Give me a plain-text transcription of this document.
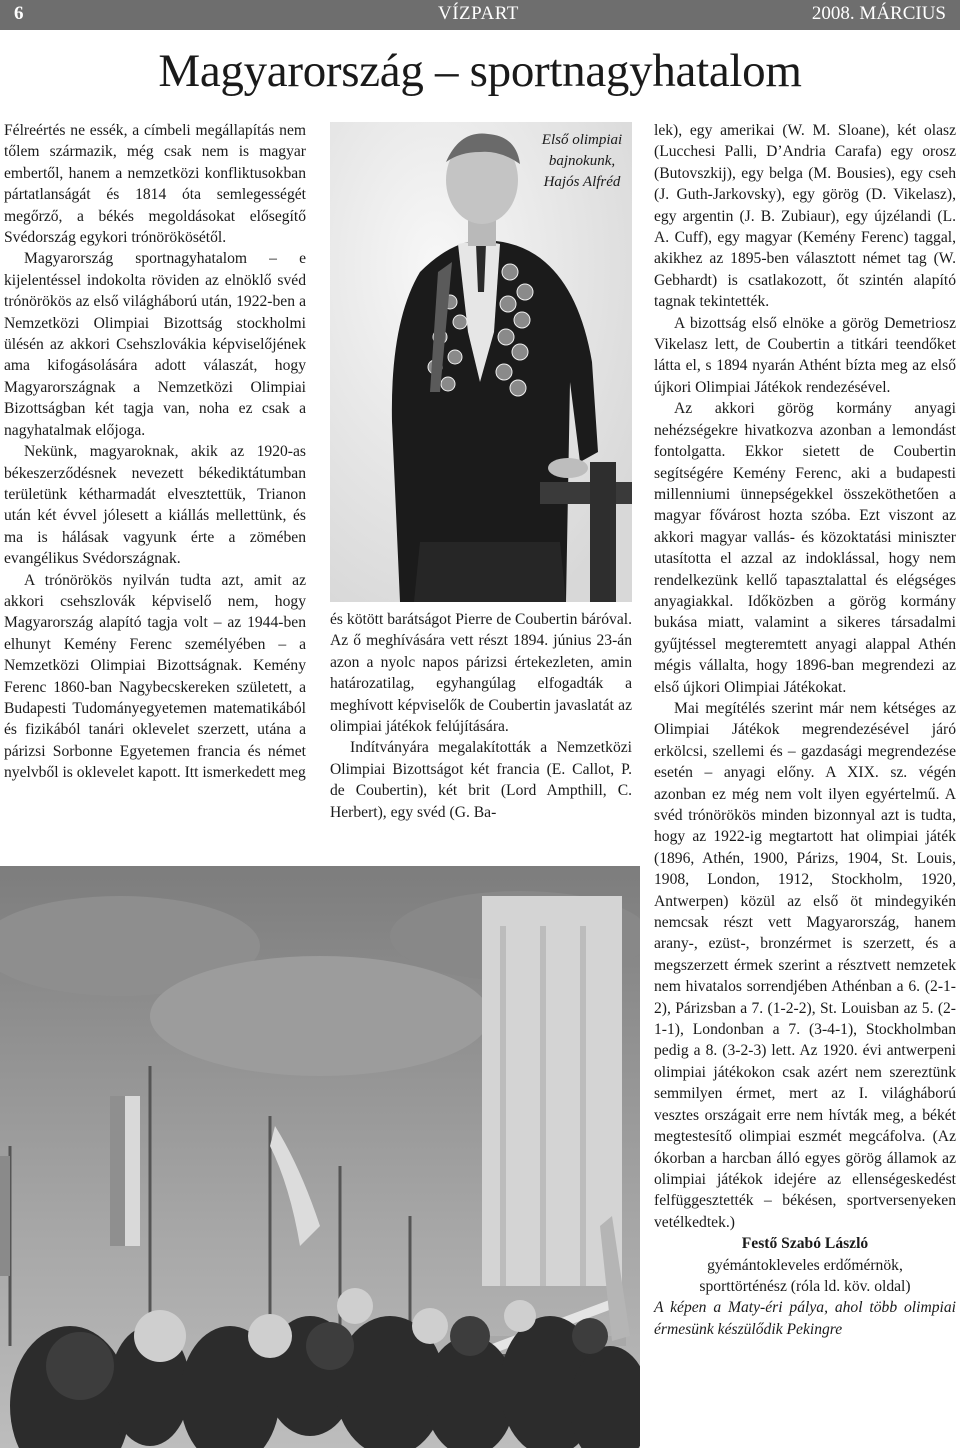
6	VÍZPART	2008. MÁRCIUS
Magyarország – sportnagyhatalom

Félreértés ne essék, a címbeli megállapítás nem tőlem származik, még csak nem is magyar embertől, hanem a nemzetközi konfliktusokban pártatlanságát és 1814 óta semlegességét megőrző, a békés megoldásokat elősegítő Svédország egykori trónörökösétől.

Magyarország sportnagyhatalom – e kijelentéssel indokolta röviden az elnöklő svéd trónörökös az első világháború után, 1922-ben a Nemzetközi Olimpiai Bizottság stockholmi ülésén az akkori Csehszlovákia képviselőjének ama kifogásolására adott válaszát, hogy Magyarországnak a Nemzetközi Olimpiai Bizottságban két tagja van, noha ez csak a nagyhatalmak előjoga.

Nekünk, magyaroknak, akik az 1920-as békeszerződésnek nevezett békediktátumban területünk kétharmadát elvesztettük, Trianon után két évvel jólesett a kiállás mellettünk, és ma is hálásak vagyunk érte a zömében evangélikus Svédországnak.

A trónörökös nyilván tudta azt, amit az akkori csehszlovák képviselő nem, hogy Magyarország alapító tagja volt – az 1944-ben elhunyt Kemény Ferenc személyében – a Nemzetközi Olimpiai Bizottságnak. Kemény Ferenc 1860-ban Nagybecskereken született, a Budapesti Tudományegyetemen matematikából és fizikából tanári oklevelet szerzett, utána a párizsi Sorbonne Egyetemen francia és német nyelvből is oklevelet kapott. Itt ismerkedett meg

Első olimpiai bajnokunk, Hajós Alfréd

és kötött barátságot Pierre de Coubertin báróval. Az ő meghívására vett részt 1894. június 23-án azon a nyolc napos párizsi értekezleten, amin határozatilag, egyhangúlag elfogadták a meghívott képviselők de Coubertin javaslatát az olimpiai játékok felújítására.

Indítványára megalakították a Nemzetközi Olimpiai Bizottságot két francia (E. Callot, P. de Coubertin), két brit (Lord Ampthill, C. Herbert), egy svéd (G. Ba-

lek), egy amerikai (W. M. Sloane), két olasz (Lucchesi Palli, D’Andria Carafa) egy orosz (Butovszkij), egy belga (M. Bousies), egy cseh (J. Guth-Jarkovsky), egy görög (D. Vikelasz), egy argentin (J. B. Zubiaur), egy újzélandi (L. A. Cuff), egy magyar (Kemény Ferenc) taggal, akikhez az 1895-ben választott német tag (W. Gebhardt) is csatlakozott, őt szintén alapító tagnak tekintették.

A bizottság első elnöke a görög Demetriosz Vikelasz lett, de Coubertin a titkári teendőket látta el, s 1894 nyarán Athént bízta meg az első újkori Olimpiai Játékok rendezésével.

Az akkori görög kormány anyagi nehézségekre hivatkozva azonban a lemondást fontolgatta. Ekkor sietett de Coubertin segítségére Kemény Ferenc, aki a budapesti millenniumi ünnepségekkel összeköthetően a magyar fővárost hozta szóba. Ezt viszont az akkori magyar vallás- és közoktatási miniszter utasította el azzal az indoklással, hogy nem rendelkezünk kellő tapasztalattal és elégséges anyagiakkal. Időközben a görög kormány bukása miatt, valamint a sikeres társadalmi gyűjtéssel megteremtett anyagi alappal Athén mégis vállalta, hogy 1896-ban megrendezi az első újkori Olimpiai Játékokat.

Mai megítélés szerint már nem kétséges az Olimpiai Játékok megrendezésével járó erkölcsi, szellemi és – gazdasági megrendezése esetén – anyagi előny. A XIX. sz. végén azonban ez még nem volt ilyen egyértelmű. A svéd trónörökös minden bizonnyal azt is tudta, hogy az 1922-ig megtartott hat olimpiai játék (1896, Athén, 1900, Párizs, 1904, St. Louis, 1908, London, 1912, Stockholm, 1920, Antwerpen) közül az első öt mindegyikén nemcsak részt vett Magyarország, hanem arany-, ezüst-, bronzérmet is szerzett, és a megszerzett érmek szerint a résztvett nemzetek nem hivatalos sorrendjében Athénban a 6. (2-1-2), Párizsban a 7. (1-2-2), St. Louisban az 5. (2-1-1), Londonban a 7. (3-4-1), Stockholmban pedig a 8. (3-2-3) lett. Az 1920. évi antwerpeni olimpiai játékokon csak azért nem szereztünk semmilyen érmet, mert az I. világháború vesztes országait erre nem hívták meg, a békét megtestesítő olimpiai eszmét megcáfolva. (Az ókorban a harcban álló egyes görög államok az olimpiai játékok idejére az ellenségeskedést felfüggesztették – békésen, sportversenyeken vetélkedtek.)

Festő Szabó László

gyémántokleveles erdőmérnök,

sporttörténész (róla ld. köv. oldal)

A képen a Maty-éri pálya, ahol több olimpiai érmesünk készülődik Pekingre
